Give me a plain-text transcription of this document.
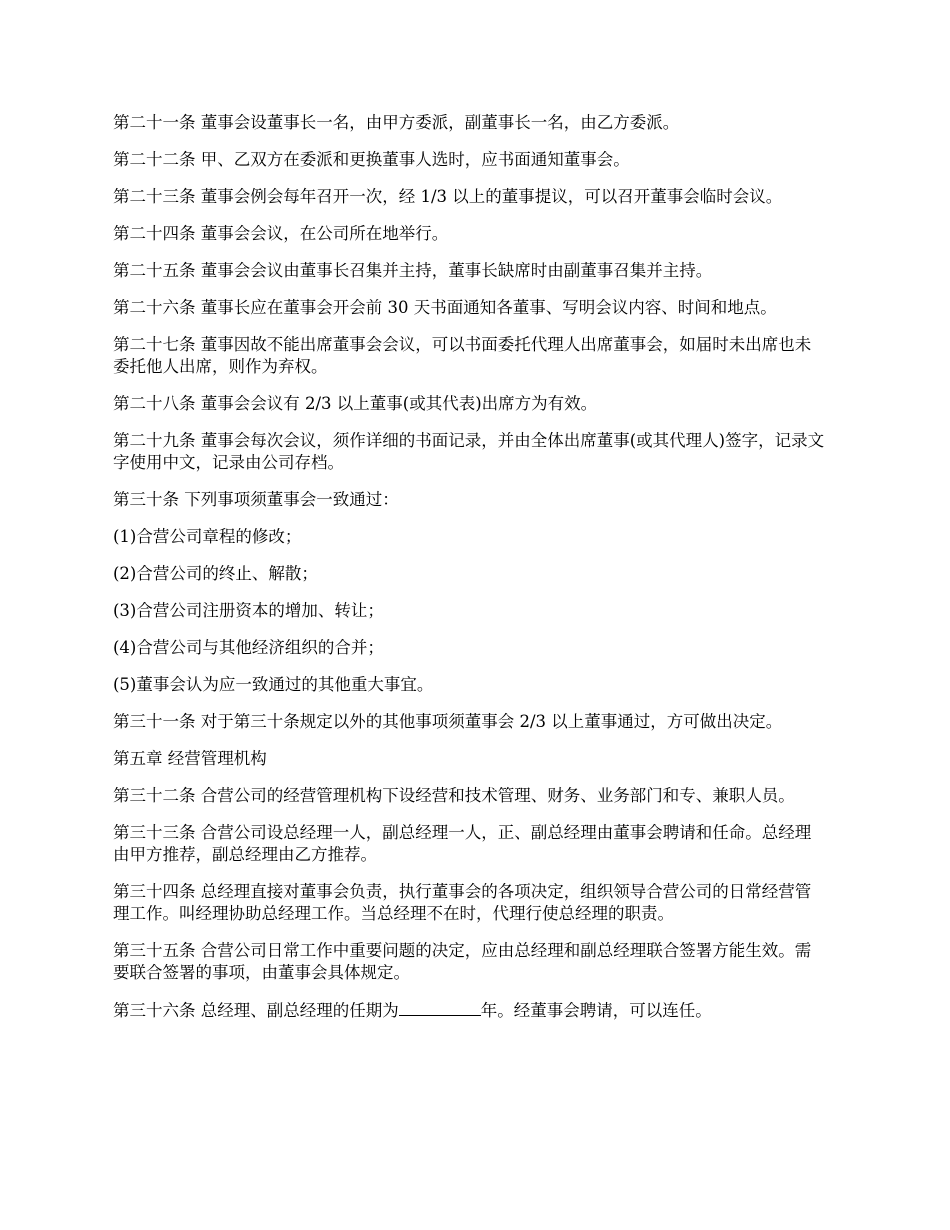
第二十一条 董事会设董事长一名，由甲方委派，副董事长一名，由乙方委派。

第二十二条 甲、乙双方在委派和更换董事人选时，应书面通知董事会。

第二十三条 董事会例会每年召开一次，经 1/3 以上的董事提议，可以召开董事会临时会议。

第二十四条 董事会会议，在公司所在地举行。

第二十五条 董事会会议由董事长召集并主持，董事长缺席时由副董事召集并主持。

第二十六条 董事长应在董事会开会前 30 天书面通知各董事、写明会议内容、时间和地点。

第二十七条 董事因故不能出席董事会会议，可以书面委托代理人出席董事会，如届时未出席也未委托他人出席，则作为弃权。

第二十八条 董事会会议有 2/3 以上董事(或其代表)出席方为有效。

第二十九条 董事会每次会议，须作详细的书面记录，并由全体出席董事(或其代理人)签字，记录文字使用中文，记录由公司存档。

第三十条 下列事项须董事会一致通过：

(1)合营公司章程的修改；

(2)合营公司的终止、解散；

(3)合营公司注册资本的增加、转让；

(4)合营公司与其他经济组织的合并；

(5)董事会认为应一致通过的其他重大事宜。

第三十一条 对于第三十条规定以外的其他事项须董事会 2/3 以上董事通过，方可做出决定。

第五章 经营管理机构

第三十二条 合营公司的经营管理机构下设经营和技术管理、财务、业务部门和专、兼职人员。

第三十三条 合营公司设总经理一人，副总经理一人，正、副总经理由董事会聘请和任命。总经理由甲方推荐，副总经理由乙方推荐。

第三十四条 总经理直接对董事会负责，执行董事会的各项决定，组织领导合营公司的日常经营管理工作。叫经理协助总经理工作。当总经理不在时，代理行使总经理的职责。

第三十五条 合营公司日常工作中重要问题的决定，应由总经理和副总经理联合签署方能生效。需要联合签署的事项，由董事会具体规定。

第三十六条 总经理、副总经理的任期为	年。经董事会聘请，可以连任。
